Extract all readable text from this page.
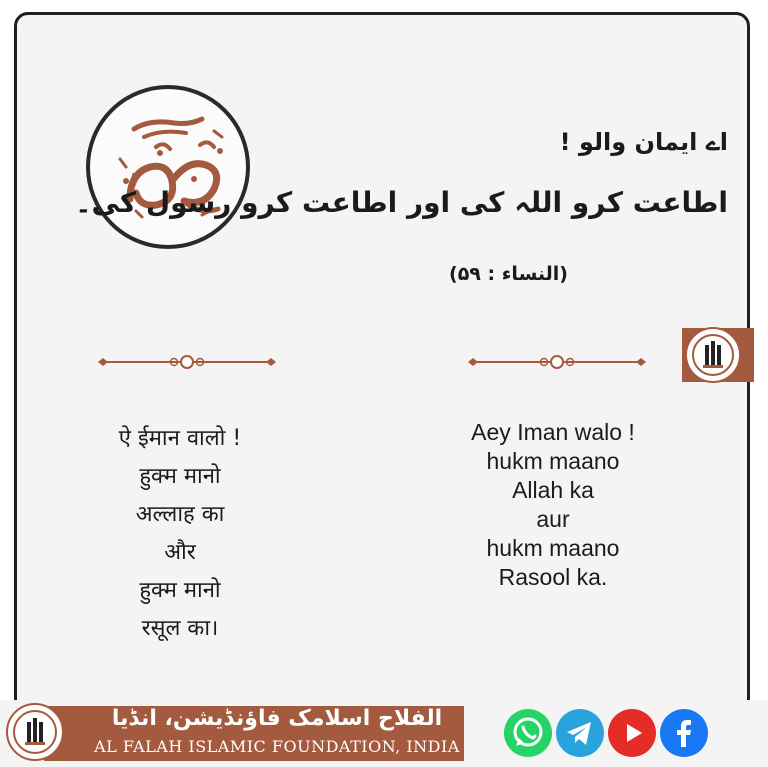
اے ایمان والو !
اطاعت کرو اللہ کی اور اطاعت کرو رسول کی۔
(النساء : ۵۹)
ऐ ईमान वालो !
हुक्म मानो
अल्लाह का
और
हुक्म मानो
रसूल का।
Aey Iman walo !
hukm maano
Allah ka
aur
hukm maano
Rasool ka.
الفلاح اسلامک فاؤنڈیشن، انڈیا
AL FALAH ISLAMIC FOUNDATION, INDIA
